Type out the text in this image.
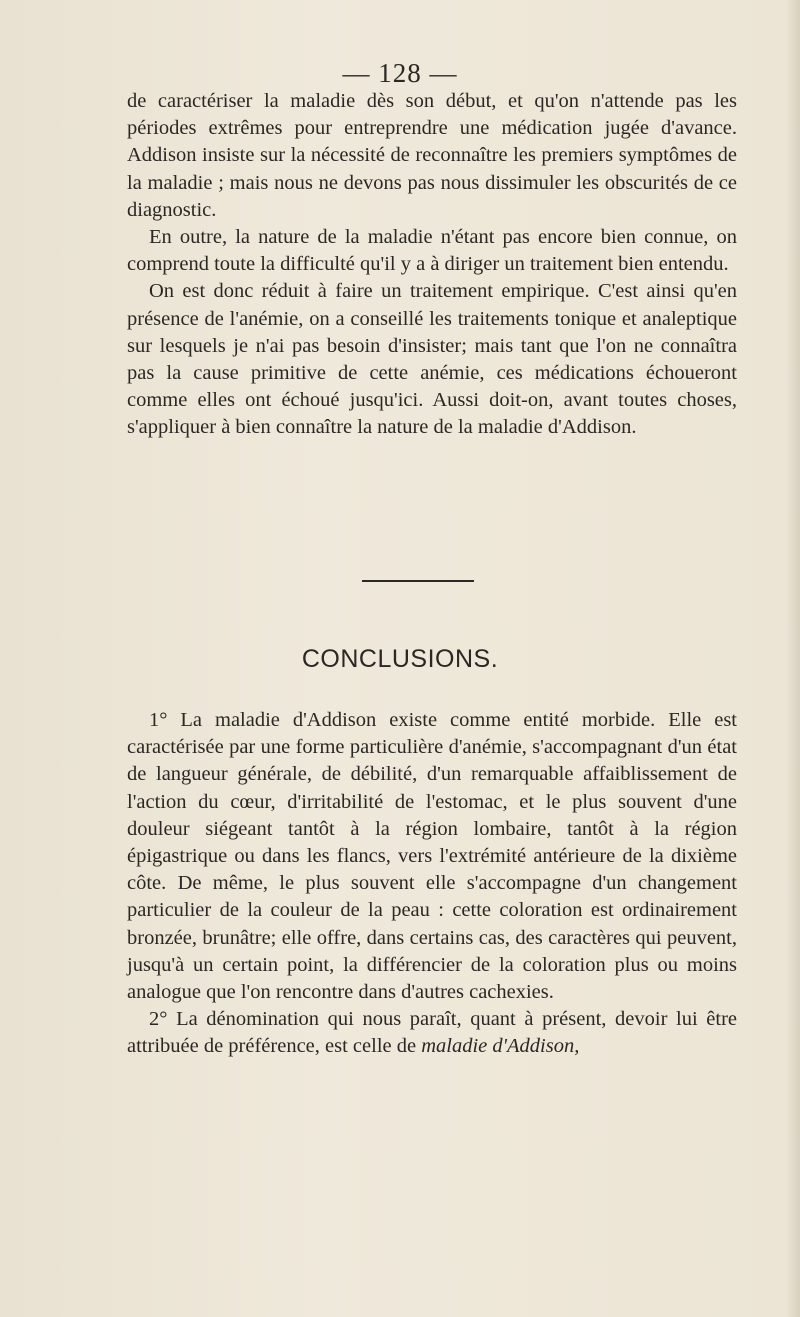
— 128 —

de caractériser la maladie dès son début, et qu'on n'attende pas les périodes extrêmes pour entreprendre une médication jugée d'avance. Addison insiste sur la nécessité de reconnaître les premiers symptômes de la maladie ; mais nous ne devons pas nous dissimuler les obscurités de ce diagnostic.

En outre, la nature de la maladie n'étant pas encore bien connue, on comprend toute la difficulté qu'il y a à diriger un traitement bien entendu.

On est donc réduit à faire un traitement empirique. C'est ainsi qu'en présence de l'anémie, on a conseillé les traitements tonique et analeptique sur lesquels je n'ai pas besoin d'insister; mais tant que l'on ne connaîtra pas la cause primitive de cette anémie, ces médications échoueront comme elles ont échoué jusqu'ici. Aussi doit-on, avant toutes choses, s'appliquer à bien connaître la nature de la maladie d'Addison.

CONCLUSIONS.

1° La maladie d'Addison existe comme entité morbide. Elle est caractérisée par une forme particulière d'anémie, s'accompagnant d'un état de langueur générale, de débilité, d'un remarquable affaiblissement de l'action du cœur, d'irritabilité de l'estomac, et le plus souvent d'une douleur siégeant tantôt à la région lombaire, tantôt à la région épigastrique ou dans les flancs, vers l'extrémité antérieure de la dixième côte. De même, le plus souvent elle s'accompagne d'un changement particulier de la couleur de la peau : cette coloration est ordinairement bronzée, brunâtre; elle offre, dans certains cas, des caractères qui peuvent, jusqu'à un certain point, la différencier de la coloration plus ou moins analogue que l'on rencontre dans d'autres cachexies.

2° La dénomination qui nous paraît, quant à présent, devoir lui être attribuée de préférence, est celle de maladie d'Addison,
